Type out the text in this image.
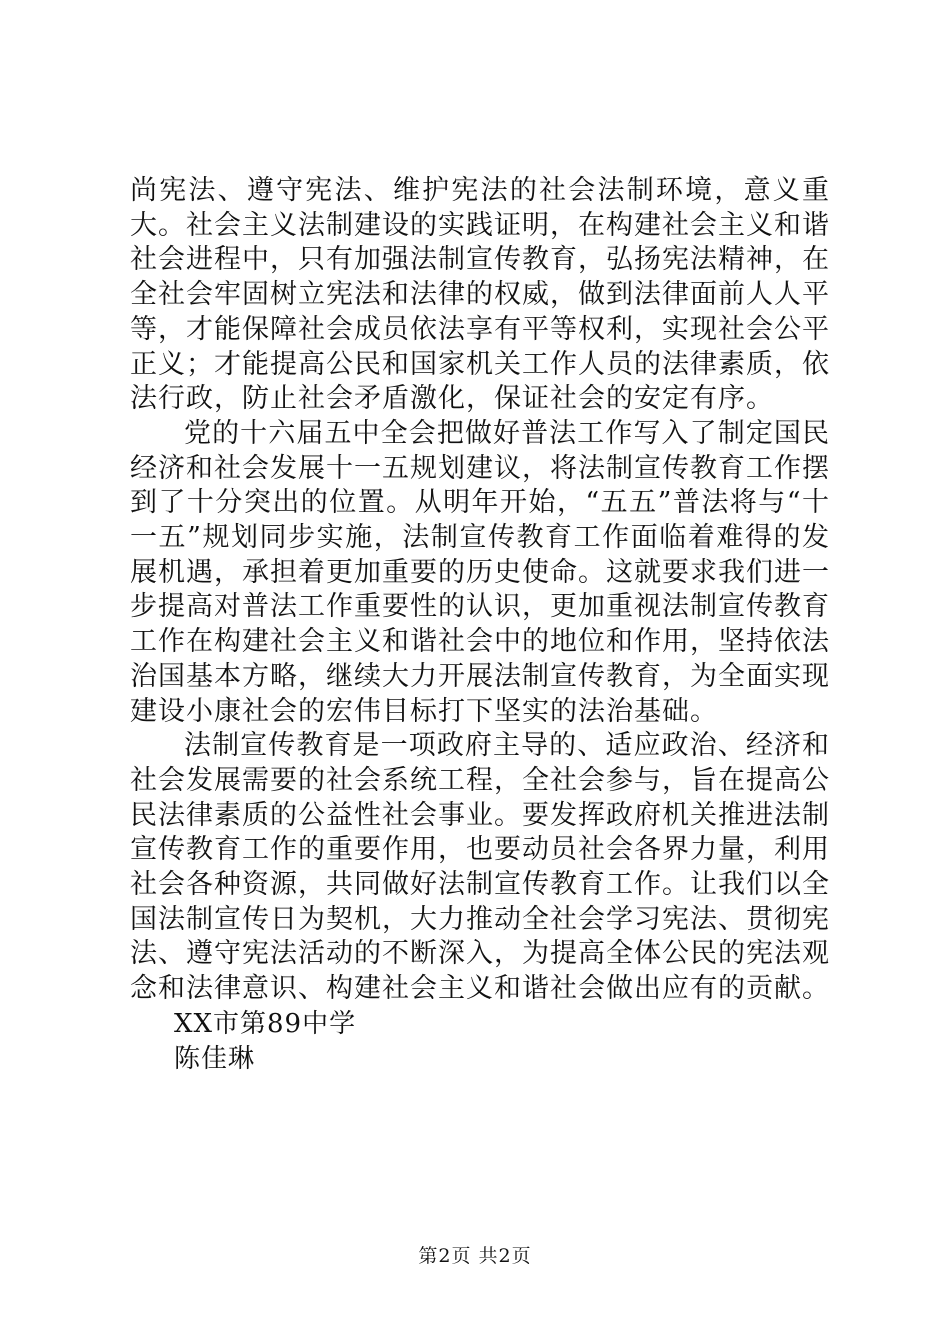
尚宪法、遵守宪法、维护宪法的社会法制环境，意义重大。社会主义法制建设的实践证明，在构建社会主义和谐社会进程中，只有加强法制宣传教育，弘扬宪法精神，在全社会牢固树立宪法和法律的权威，做到法律面前人人平等，才能保障社会成员依法享有平等权利，实现社会公平正义；才能提高公民和国家机关工作人员的法律素质，依法行政，防止社会矛盾激化，保证社会的安定有序。

党的十六届五中全会把做好普法工作写入了制定国民经济和社会发展十一五规划建议，将法制宣传教育工作摆到了十分突出的位置。从明年开始，“五五”普法将与“十一五”规划同步实施，法制宣传教育工作面临着难得的发展机遇，承担着更加重要的历史使命。这就要求我们进一步提高对普法工作重要性的认识，更加重视法制宣传教育工作在构建社会主义和谐社会中的地位和作用，坚持依法治国基本方略，继续大力开展法制宣传教育，为全面实现建设小康社会的宏伟目标打下坚实的法治基础。

法制宣传教育是一项政府主导的、适应政治、经济和社会发展需要的社会系统工程，全社会参与，旨在提高公民法律素质的公益性社会事业。要发挥政府机关推进法制宣传教育工作的重要作用，也要动员社会各界力量，利用社会各种资源，共同做好法制宣传教育工作。让我们以全国法制宣传日为契机，大力推动全社会学习宪法、贯彻宪法、遵守宪法活动的不断深入，为提高全体公民的宪法观念和法律意识、构建社会主义和谐社会做出应有的贡献。

XX市第89中学

陈佳琳

第2页 共2页
